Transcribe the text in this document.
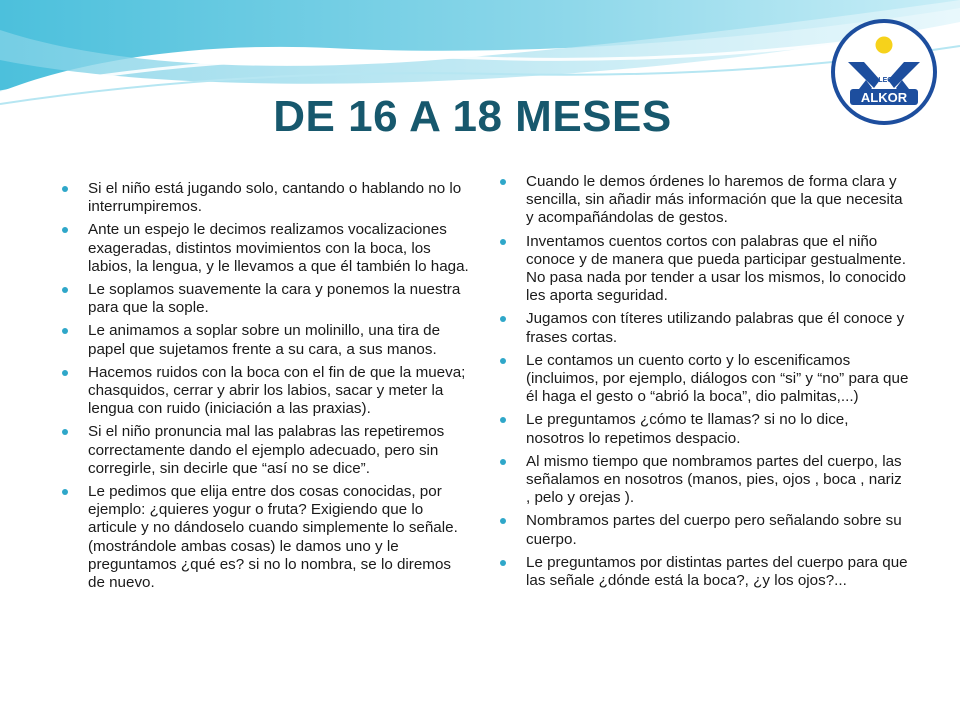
COLEGIO
ALKOR
DE 16 A 18 MESES
Si el niño está jugando solo, cantando o hablando no lo interrumpiremos.
Ante un espejo le decimos realizamos vocalizaciones exageradas, distintos movimientos con la boca, los labios, la lengua, y le llevamos a que él también lo haga.
Le soplamos suavemente la cara y ponemos la nuestra para que la sople.
Le animamos a soplar sobre un molinillo, una tira de papel que sujetamos frente a su cara, a sus manos.
Hacemos ruidos con la boca con el fin de que la mueva; chasquidos, cerrar y abrir los labios, sacar y meter la lengua con ruido (iniciación a las praxias).
Si el niño pronuncia mal las palabras las repetiremos correctamente dando el ejemplo adecuado, pero sin corregirle, sin decirle que “así no se dice”.
Le pedimos que elija entre dos cosas conocidas, por ejemplo: ¿quieres yogur o fruta? Exigiendo que lo articule y no dándoselo cuando simplemente lo señale. (mostrándole ambas cosas) le damos uno y le preguntamos ¿qué es? si no lo nombra, se lo diremos de nuevo.
Cuando le demos órdenes lo haremos de forma clara y sencilla, sin añadir más información que la que necesita y acompañándolas de gestos.
Inventamos cuentos cortos con palabras que el niño conoce y de manera que pueda participar gestualmente. No pasa nada por tender a usar los mismos, lo conocido les aporta seguridad.
Jugamos con títeres utilizando palabras que él conoce y frases cortas.
Le contamos un cuento corto y lo escenificamos (incluimos, por ejemplo, diálogos con “si” y “no” para que él haga el gesto o “abrió la boca”, dio palmitas,...)
Le preguntamos ¿cómo te llamas? si no lo dice, nosotros lo repetimos despacio.
Al mismo tiempo que nombramos partes del cuerpo, las señalamos en nosotros (manos, pies, ojos , boca , nariz , pelo y orejas ).
Nombramos partes del cuerpo pero señalando sobre su cuerpo.
Le preguntamos por distintas partes del cuerpo para que las señale ¿dónde está la boca?, ¿y los ojos?...
